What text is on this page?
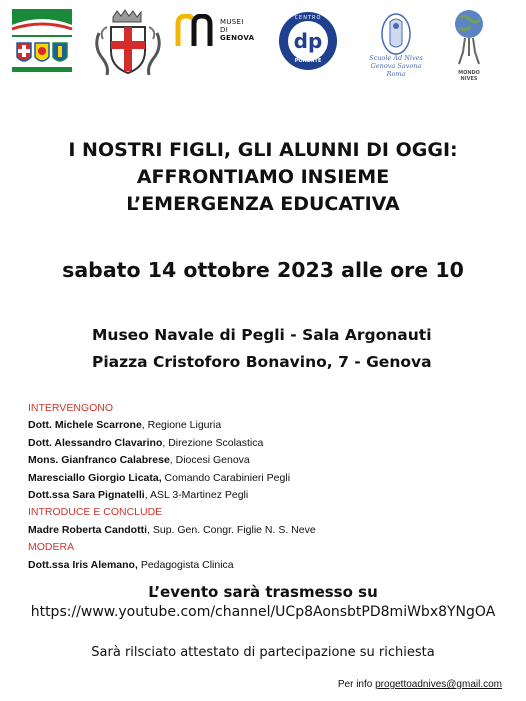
MUSEI
DI
GENOVA dp
CENTRO
PONENTE	Scuole Ad Nives
Genova Savona Roma	MONDO
NIVES
I NOSTRI FIGLI, GLI ALUNNI DI OGGI:
AFFRONTIAMO INSIEME
L’EMERGENZA EDUCATIVA
sabato 14 ottobre 2023 alle ore 10
Museo Navale di Pegli - Sala Argonauti
Piazza Cristoforo Bonavino, 7 - Genova
INTERVENGONO
Dott. Michele Scarrone, Regione Liguria
Dott. Alessandro Clavarino, Direzione Scolastica
Mons. Gianfranco Calabrese, Diocesi Genova
Maresciallo Giorgio Licata, Comando Carabinieri Pegli
Dott.ssa Sara Pignatelli, ASL 3-Martinez Pegli
INTRODUCE E CONCLUDE
Madre Roberta Candotti, Sup. Gen. Congr. Figlie N. S. Neve
MODERA
Dott.ssa Iris Alemano, Pedagogista Clinica
L’evento sarà trasmesso su
https://www.youtube.com/channel/UCp8AonsbtPD8miWbx8YNgOA
Sarà rilsciato attestato di partecipazione su richiesta
Per info progettoadnives@gmail.com
